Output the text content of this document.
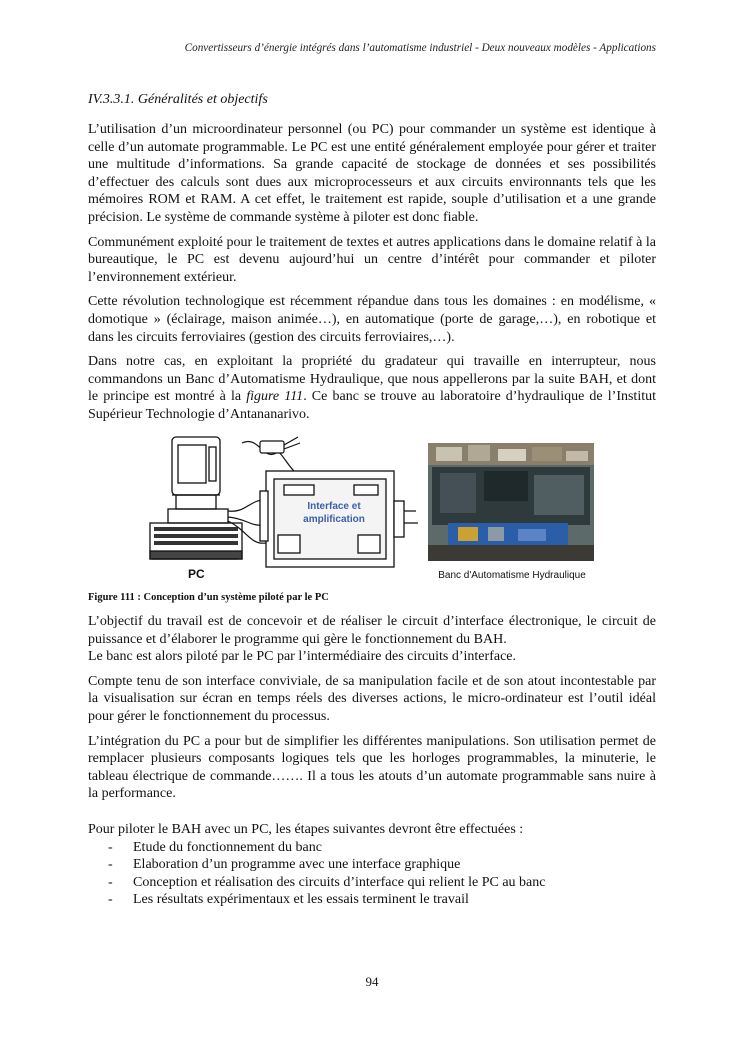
Convertisseurs d’énergie intégrés dans l’automatisme industriel - Deux nouveaux modèles - Applications
IV.3.3.1. Généralités et objectifs

L’utilisation d’un microordinateur personnel (ou PC) pour commander un système est identique à celle d’un automate programmable. Le PC est une entité généralement employée pour gérer et traiter une multitude d’informations. Sa grande capacité de stockage de données et ses possibilités d’effectuer des calculs sont dues aux microprocesseurs et aux circuits environnants tels que les mémoires ROM et RAM. A cet effet, le traitement est rapide, souple d’utilisation et a une grande précision. Le système de commande système à piloter est donc fiable.

Communément exploité pour le traitement de textes et autres applications dans le domaine relatif à la bureautique, le PC est devenu aujourd’hui un centre d’intérêt pour commander et piloter l’environnement extérieur.

Cette révolution technologique est récemment répandue dans tous les domaines : en modélisme, « domotique » (éclairage, maison animée…), en automatique (porte de garage,…), en robotique et dans les circuits ferroviaires (gestion des circuits ferroviaires,…).

Dans notre cas, en exploitant la propriété du gradateur qui travaille en interrupteur, nous commandons un Banc d’Automatisme Hydraulique, que nous appellerons par la suite BAH, et dont le principe est montré à la figure 111. Ce banc se trouve au laboratoire d’hydraulique de l’Institut Supérieur Technologie d’Antananarivo.

PC
Interface et
amplification
Banc d'Automatisme Hydraulique

Figure 111 : Conception d’un système piloté par le PC

L’objectif du travail est de concevoir et de réaliser le circuit d’interface électronique, le circuit de puissance et d’élaborer le programme qui gère le fonctionnement du BAH.

Le banc est alors piloté par le PC par l’intermédiaire des circuits d’interface.

Compte tenu de son interface conviviale, de sa manipulation facile et de son atout incontestable par la visualisation sur écran en temps réels des diverses actions, le micro-ordinateur est l’outil idéal pour gérer le fonctionnement du processus.

L’intégration du PC a pour but de simplifier les différentes manipulations. Son utilisation permet de remplacer plusieurs composants logiques tels que les horloges programmables, la minuterie, le tableau électrique de commande……. Il a tous les atouts d’un automate programmable sans nuire à la performance.

Pour piloter le BAH avec un PC, les étapes suivantes devront être effectuées :

- Etude du fonctionnement du banc
- Elaboration d’un programme avec une interface graphique
- Conception et réalisation des circuits d’interface qui relient le PC au banc
- Les résultats expérimentaux et les essais terminent le travail
94
